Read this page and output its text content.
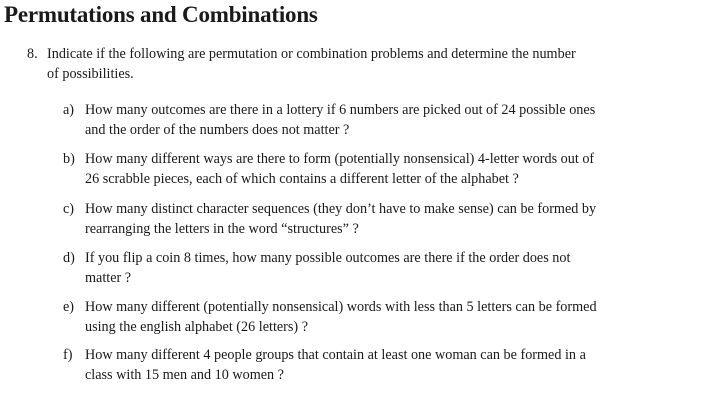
Permutations and Combinations
8. Indicate if the following are permutation or combination problems and determine the number
of possibilities.
a) How many outcomes are there in a lottery if 6 numbers are picked out of 24 possible ones
and the order of the numbers does not matter ?
b) How many different ways are there to form (potentially nonsensical) 4-letter words out of
26 scrabble pieces, each of which contains a different letter of the alphabet ?
c) How many distinct character sequences (they don’t have to make sense) can be formed by
rearranging the letters in the word “structures” ?
d) If you flip a coin 8 times, how many possible outcomes are there if the order does not
matter ?
e) How many different (potentially nonsensical) words with less than 5 letters can be formed
using the english alphabet (26 letters) ?
f) How many different 4 people groups that contain at least one woman can be formed in a
class with 15 men and 10 women ?
